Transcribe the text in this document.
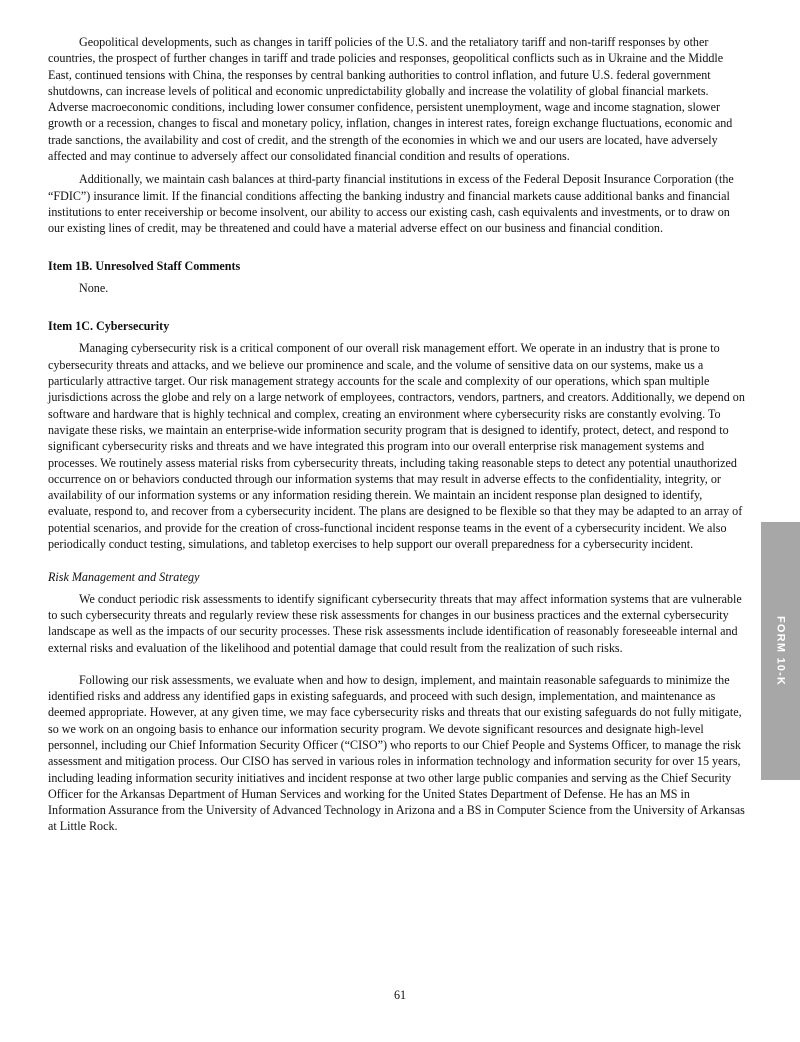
Geopolitical developments, such as changes in tariff policies of the U.S. and the retaliatory tariff and non-tariff responses by other countries, the prospect of further changes in tariff and trade policies and responses, geopolitical conflicts such as in Ukraine and the Middle East, continued tensions with China, the responses by central banking authorities to control inflation, and future U.S. federal government shutdowns, can increase levels of political and economic unpredictability globally and increase the volatility of global financial markets. Adverse macroeconomic conditions, including lower consumer confidence, persistent unemployment, wage and income stagnation, slower growth or a recession, changes to fiscal and monetary policy, inflation, changes in interest rates, foreign exchange fluctuations, economic and trade sanctions, the availability and cost of credit, and the strength of the economies in which we and our users are located, have adversely affected and may continue to adversely affect our consolidated financial condition and results of operations.

Additionally, we maintain cash balances at third-party financial institutions in excess of the Federal Deposit Insurance Corporation (the “FDIC”) insurance limit. If the financial conditions affecting the banking industry and financial markets cause additional banks and financial institutions to enter receivership or become insolvent, our ability to access our existing cash, cash equivalents and investments, or to draw on our existing lines of credit, may be threatened and could have a material adverse effect on our business and financial condition.

Item 1B. Unresolved Staff Comments

None.

Item 1C. Cybersecurity

Managing cybersecurity risk is a critical component of our overall risk management effort. We operate in an industry that is prone to cybersecurity threats and attacks, and we believe our prominence and scale, and the volume of sensitive data on our systems, make us a particularly attractive target. Our risk management strategy accounts for the scale and complexity of our operations, which span multiple jurisdictions across the globe and rely on a large network of employees, contractors, vendors, partners, and creators. Additionally, we depend on software and hardware that is highly technical and complex, creating an environment where cybersecurity risks are constantly evolving. To navigate these risks, we maintain an enterprise-wide information security program that is designed to identify, protect, detect, and respond to significant cybersecurity risks and threats and we have integrated this program into our overall enterprise risk management systems and processes. We routinely assess material risks from cybersecurity threats, including taking reasonable steps to detect any potential unauthorized occurrence on or behaviors conducted through our information systems that may result in adverse effects to the confidentiality, integrity, or availability of our information systems or any information residing therein. We maintain an incident response plan designed to identify, evaluate, respond to, and recover from a cybersecurity incident. The plans are designed to be flexible so that they may be adapted to an array of potential scenarios, and provide for the creation of cross-functional incident response teams in the event of a cybersecurity incident. We also periodically conduct testing, simulations, and tabletop exercises to help support our overall preparedness for a cybersecurity incident.

Risk Management and Strategy

We conduct periodic risk assessments to identify significant cybersecurity threats that may affect information systems that are vulnerable to such cybersecurity threats and regularly review these risk assessments for changes in our business practices and the external cybersecurity landscape as well as the impacts of our security processes. These risk assessments include identification of reasonably foreseeable internal and external risks and evaluation of the likelihood and potential damage that could result from the realization of such risks.

Following our risk assessments, we evaluate when and how to design, implement, and maintain reasonable safeguards to minimize the identified risks and address any identified gaps in existing safeguards, and proceed with such design, implementation, and maintenance as deemed appropriate. However, at any given time, we may face cybersecurity risks and threats that our existing safeguards do not fully mitigate, so we work on an ongoing basis to enhance our information security program. We devote significant resources and designate high-level personnel, including our Chief Information Security Officer (“CISO”) who reports to our Chief People and Systems Officer, to manage the risk assessment and mitigation process. Our CISO has served in various roles in information technology and information security for over 15 years, including leading information security initiatives and incident response at two other large public companies and serving as the Chief Security Officer for the Arkansas Department of Human Services and working for the United States Department of Defense. He has an MS in Information Assurance from the University of Advanced Technology in Arizona and a BS in Computer Science from the University of Arkansas at Little Rock.

FORM 10-K
61
